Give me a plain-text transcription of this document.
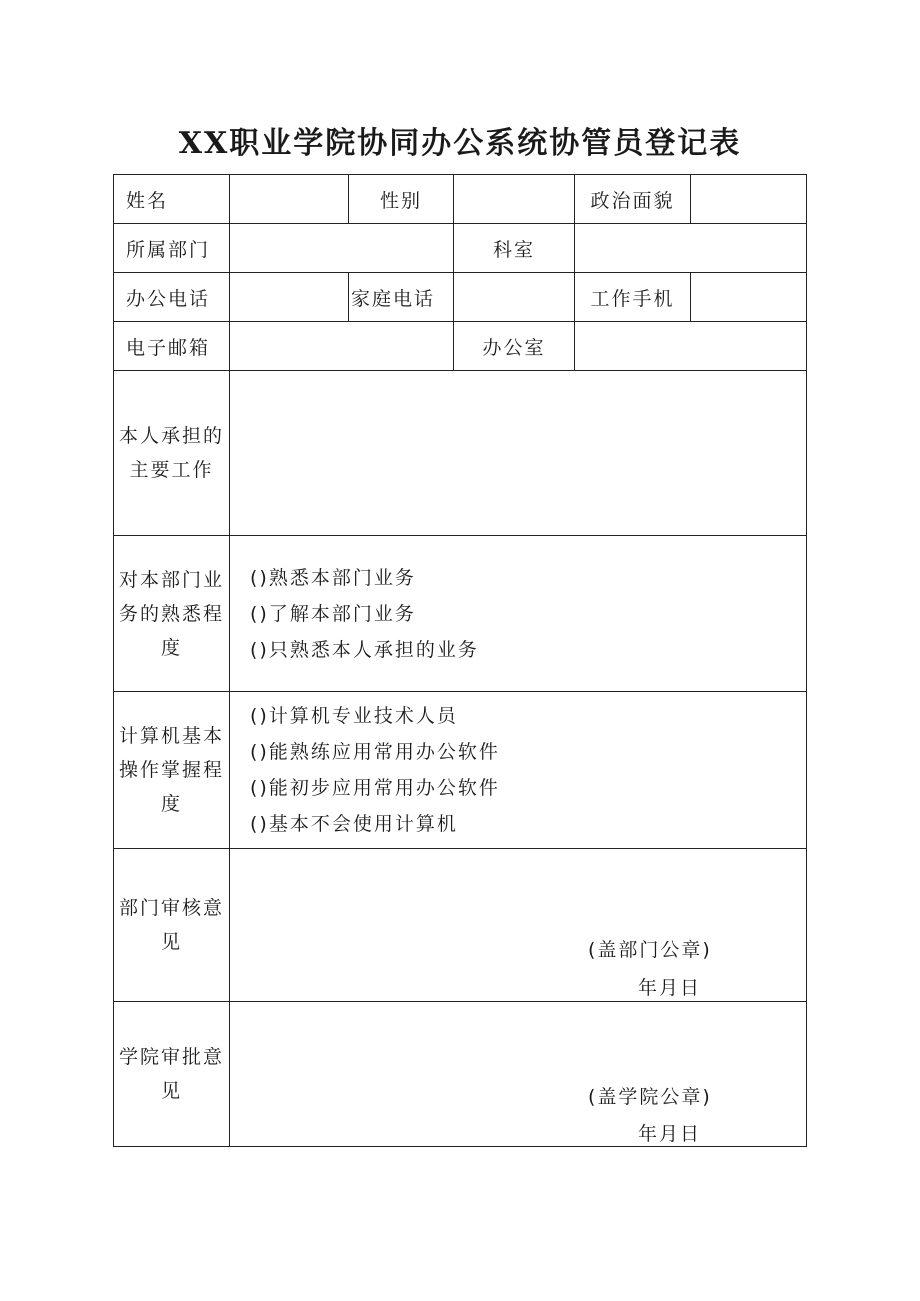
XX职业学院协同办公系统协管员登记表
姓名		性别		政治面貌	
所属部门			科室		
办公电话		家庭电话		工作手机	
电子邮箱			办公室		

本人承担的
主要工作					

对本部门业
务的熟悉程
度	()熟悉本部门业务
()了解本部门业务
()只熟悉本人承担的业务				

计算机基本
操作掌握程
度	()计算机专业技术人员
()能熟练应用常用办公软件
()能初步应用常用办公软件
()基本不会使用计算机				

部门审核意
见	(盖部门公章)
年月日				

学院审批意
见	(盖学院公章)
年月日				
